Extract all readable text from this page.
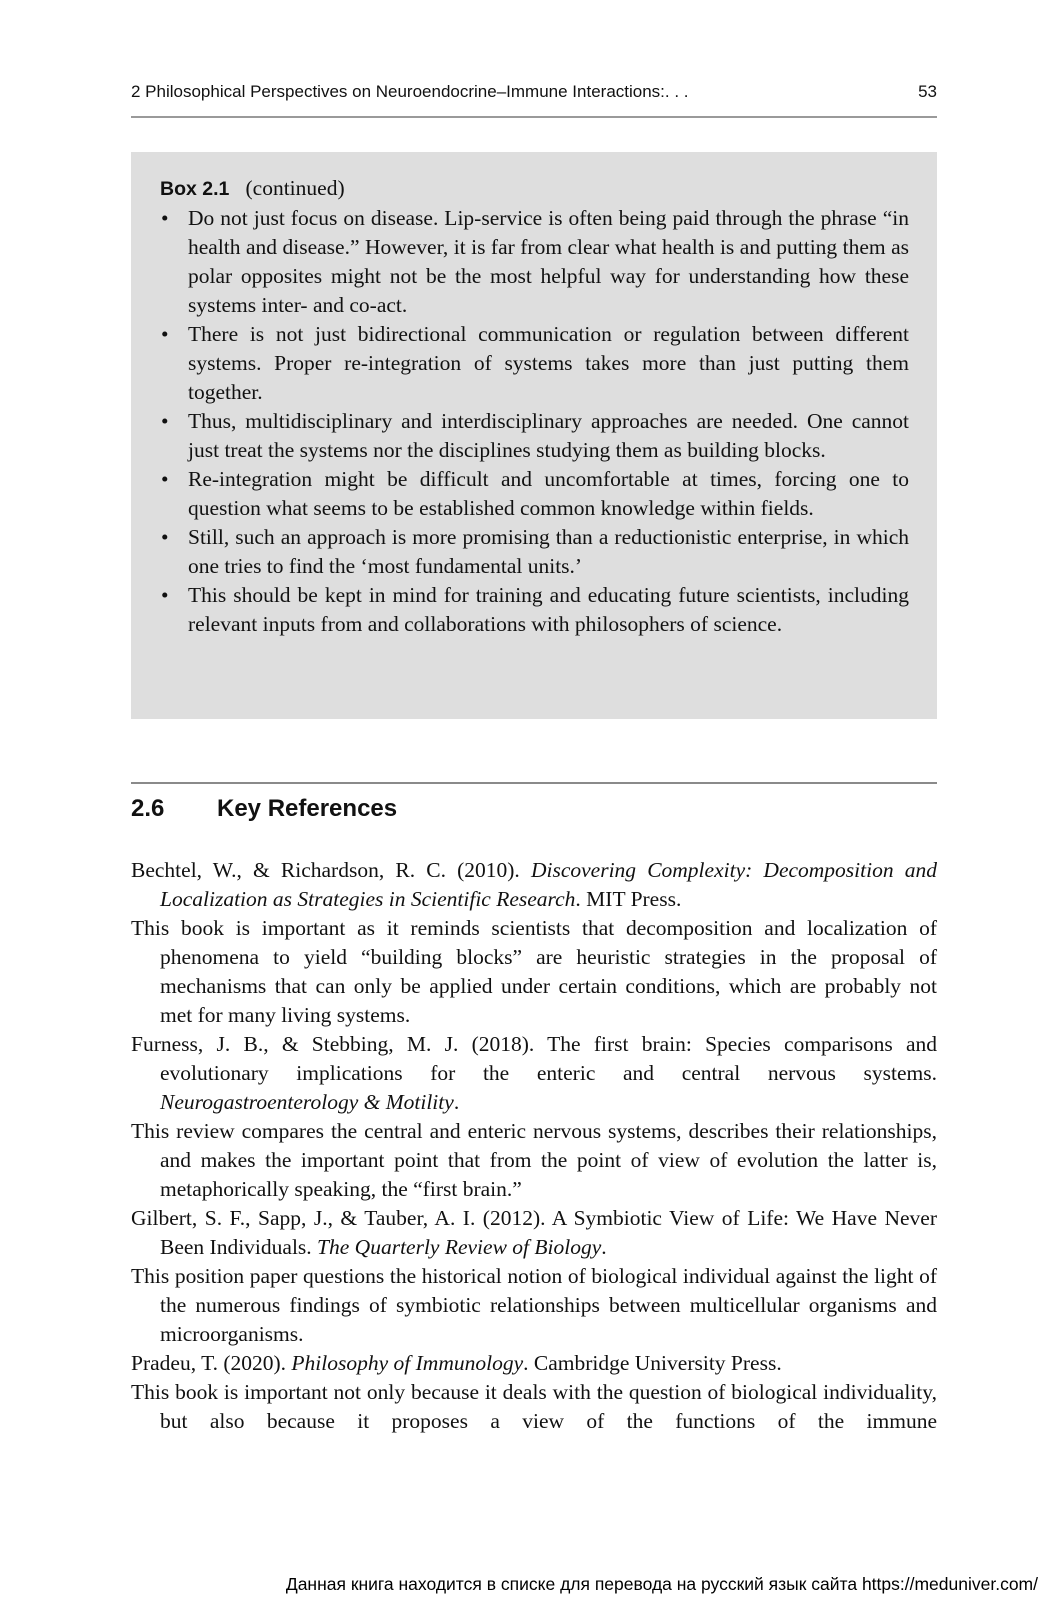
2 Philosophical Perspectives on Neuroendocrine–Immune Interactions:. . .	53
Box 2.1 (continued)
• Do not just focus on disease. Lip-service is often being paid through the phrase “in health and disease.” However, it is far from clear what health is and putting them as polar opposites might not be the most helpful way for understanding how these systems inter- and co-act.
• There is not just bidirectional communication or regulation between different systems. Proper re-integration of systems takes more than just putting them together.
• Thus, multidisciplinary and interdisciplinary approaches are needed. One cannot just treat the systems nor the disciplines studying them as building blocks.
• Re-integration might be difficult and uncomfortable at times, forcing one to question what seems to be established common knowledge within fields.
• Still, such an approach is more promising than a reductionistic enterprise, in which one tries to find the ‘most fundamental units.’
• This should be kept in mind for training and educating future scientists, including relevant inputs from and collaborations with philosophers of science.
2.6 Key References

Bechtel, W., & Richardson, R. C. (2010). Discovering Complexity: Decomposition and Localization as Strategies in Scientific Research. MIT Press.

This book is important as it reminds scientists that decomposition and localization of phenomena to yield “building blocks” are heuristic strategies in the proposal of mechanisms that can only be applied under certain conditions, which are probably not met for many living systems.

Furness, J. B., & Stebbing, M. J. (2018). The first brain: Species comparisons and evolutionary implications for the enteric and central nervous systems. Neurogastroenterology & Motility.

This review compares the central and enteric nervous systems, describes their relationships, and makes the important point that from the point of view of evolution the latter is, metaphorically speaking, the “first brain.”

Gilbert, S. F., Sapp, J., & Tauber, A. I. (2012). A Symbiotic View of Life: We Have Never Been Individuals. The Quarterly Review of Biology.

This position paper questions the historical notion of biological individual against the light of the numerous findings of symbiotic relationships between multicellular organisms and microorganisms.

Pradeu, T. (2020). Philosophy of Immunology. Cambridge University Press.

This book is important not only because it deals with the question of biological individuality, but also because it proposes a view of the functions of the immune

Данная книга находится в списке для перевода на русский язык сайта https://meduniver.com/
